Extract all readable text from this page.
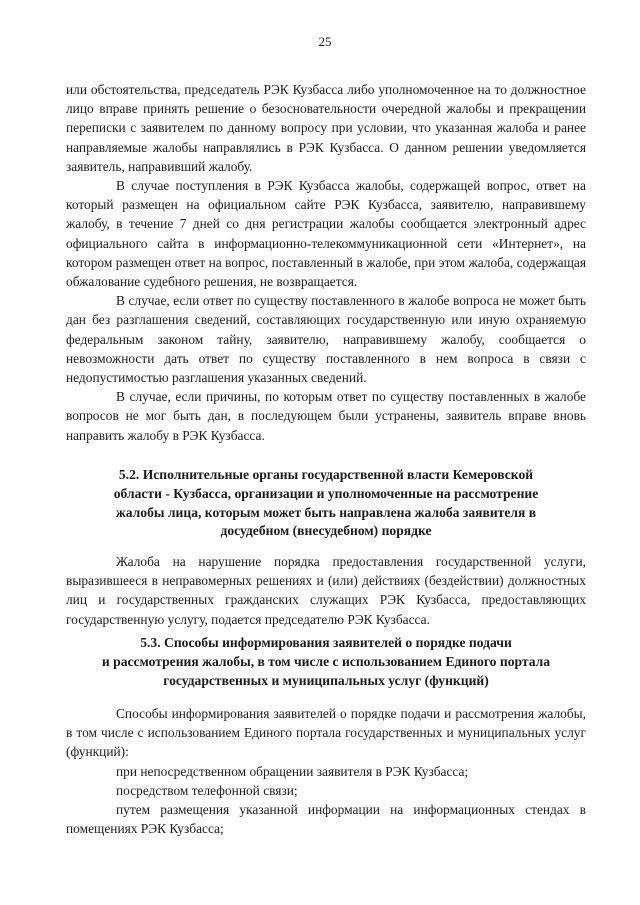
25

или обстоятельства, председатель РЭК Кузбасса либо уполномоченное на то должностное лицо вправе принять решение о безосновательности очередной жалобы и прекращении переписки с заявителем по данному вопросу при условии, что указанная жалоба и ранее направляемые жалобы направлялись в РЭК Кузбасса. О данном решении уведомляется заявитель, направивший жалобу.

В случае поступления в РЭК Кузбасса жалобы, содержащей вопрос, ответ на который размещен на официальном сайте РЭК Кузбасса, заявителю, направившему жалобу, в течение 7 дней со дня регистрации жалобы сообщается электронный адрес официального сайта в информационно-телекоммуникационной сети «Интернет», на котором размещен ответ на вопрос, поставленный в жалобе, при этом жалоба, содержащая обжалование судебного решения, не возвращается.

В случае, если ответ по существу поставленного в жалобе вопроса не может быть дан без разглашения сведений, составляющих государственную или иную охраняемую федеральным законом тайну, заявителю, направившему жалобу, сообщается о невозможности дать ответ по существу поставленного в нем вопроса в связи с недопустимостью разглашения указанных сведений.

В случае, если причины, по которым ответ по существу поставленных в жалобе вопросов не мог быть дан, в последующем были устранены, заявитель вправе вновь направить жалобу в РЭК Кузбасса.

5.2. Исполнительные органы государственной власти Кемеровской
области - Кузбасса, организации и уполномоченные на рассмотрение
жалобы лица, которым может быть направлена жалоба заявителя в
досудебном (внесудебном) порядке

Жалоба на нарушение порядка предоставления государственной услуги, выразившееся в неправомерных решениях и (или) действиях (бездействии) должностных лиц и государственных гражданских служащих РЭК Кузбасса, предоставляющих государственную услугу, подается председателю РЭК Кузбасса.

5.3. Способы информирования заявителей о порядке подачи
и рассмотрения жалобы, в том числе с использованием Единого портала
государственных и муниципальных услуг (функций)

Способы информирования заявителей о порядке подачи и рассмотрения жалобы, в том числе с использованием Единого портала государственных и муниципальных услуг (функций):

при непосредственном обращении заявителя в РЭК Кузбасса;

посредством телефонной связи;

путем размещения указанной информации на информационных стендах в помещениях РЭК Кузбасса;
